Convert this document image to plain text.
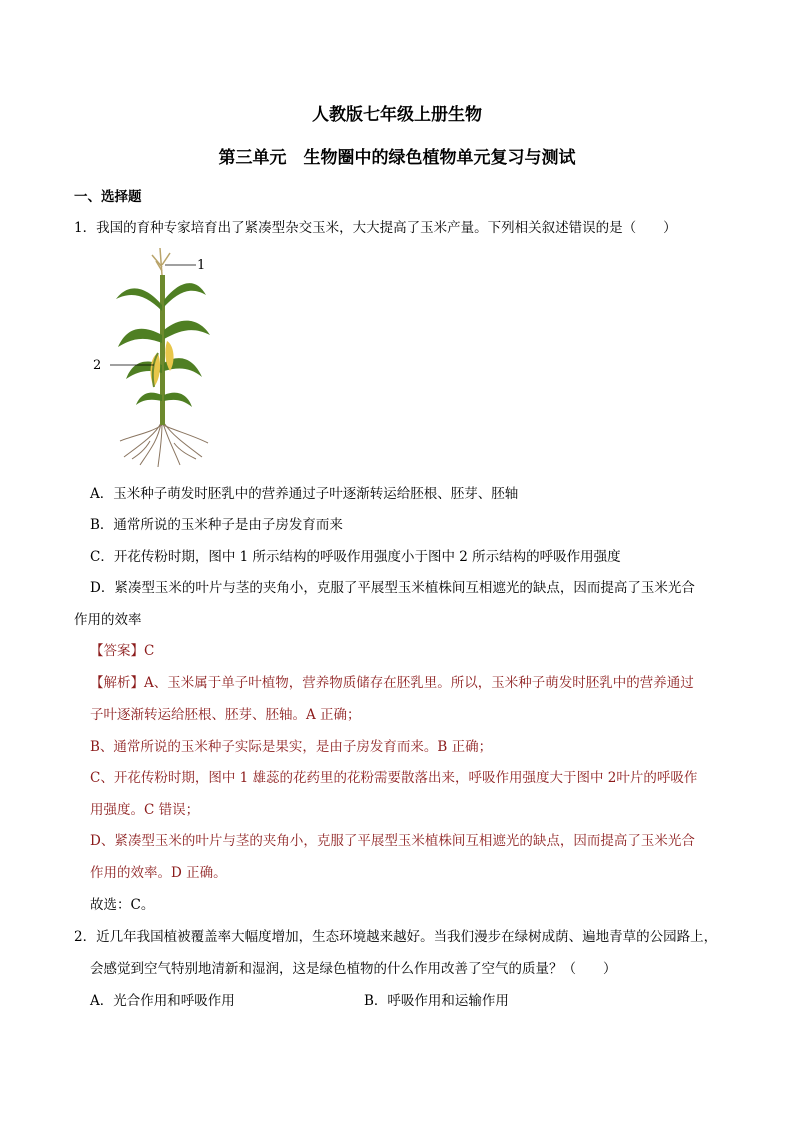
人教版七年级上册生物
第三单元　生物圈中的绿色植物单元复习与测试
一、选择题
1．我国的育种专家培育出了紧凑型杂交玉米，大大提高了玉米产量。下列相关叙述错误的是（　　）
1
2
A．玉米种子萌发时胚乳中的营养通过子叶逐渐转运给胚根、胚芽、胚轴
B．通常所说的玉米种子是由子房发育而来
C．开花传粉时期，图中 1 所示结构的呼吸作用强度小于图中 2 所示结构的呼吸作用强度
D．紧凑型玉米的叶片与茎的夹角小，克服了平展型玉米植株间互相遮光的缺点，因而提高了玉米光合
作用的效率
【答案】C
【解析】A、玉米属于单子叶植物，营养物质储存在胚乳里。所以，玉米种子萌发时胚乳中的营养通过
子叶逐渐转运给胚根、胚芽、胚轴。A 正确；
B、通常所说的玉米种子实际是果实，是由子房发育而来。B 正确；
C、开花传粉时期，图中 1 雄蕊的花药里的花粉需要散落出来，呼吸作用强度大于图中 2叶片的呼吸作
用强度。C 错误；
D、紧凑型玉米的叶片与茎的夹角小，克服了平展型玉米植株间互相遮光的缺点，因而提高了玉米光合
作用的效率。D 正确。
故选：C。
2．近几年我国植被覆盖率大幅度增加，生态环境越来越好。当我们漫步在绿树成荫、遍地青草的公园路上，
会感觉到空气特别地清新和湿润，这是绿色植物的什么作用改善了空气的质量？（　　）
A．光合作用和呼吸作用	B．呼吸作用和运输作用
